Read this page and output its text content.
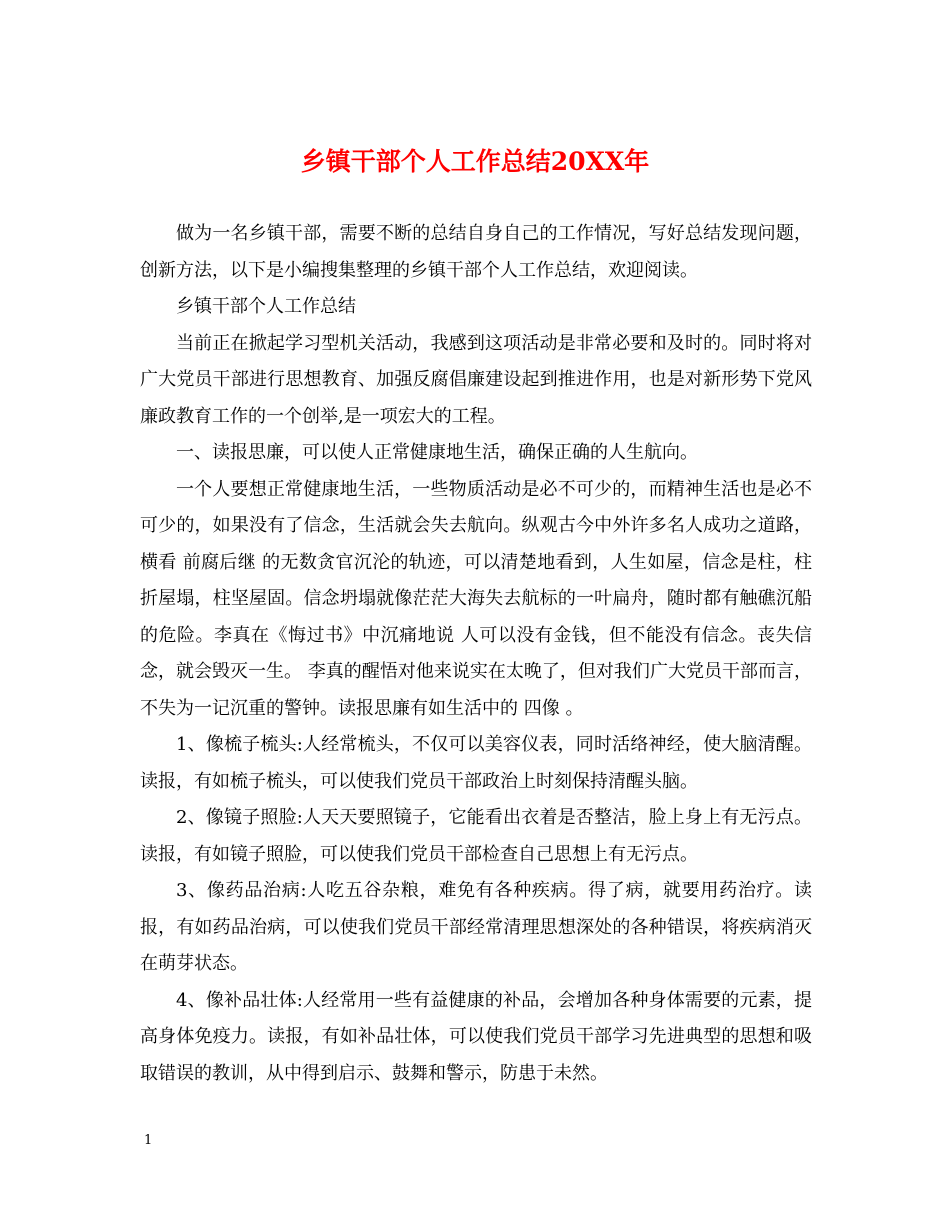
乡镇干部个人工作总结20XX年

做为一名乡镇干部，需要不断的总结自身自己的工作情况，写好总结发现问题，创新方法，以下是小编搜集整理的乡镇干部个人工作总结，欢迎阅读。

乡镇干部个人工作总结

当前正在掀起学习型机关活动，我感到这项活动是非常必要和及时的。同时将对广大党员干部进行思想教育、加强反腐倡廉建设起到推进作用，也是对新形势下党风廉政教育工作的一个创举,是一项宏大的工程。

一、读报思廉，可以使人正常健康地生活，确保正确的人生航向。

一个人要想正常健康地生活，一些物质活动是必不可少的，而精神生活也是必不可少的，如果没有了信念，生活就会失去航向。纵观古今中外许多名人成功之道路，横看 前腐后继 的无数贪官沉沦的轨迹，可以清楚地看到，人生如屋，信念是柱，柱折屋塌，柱坚屋固。信念坍塌就像茫茫大海失去航标的一叶扁舟，随时都有触礁沉船的危险。李真在《悔过书》中沉痛地说 人可以没有金钱，但不能没有信念。丧失信念，就会毁灭一生。 李真的醒悟对他来说实在太晚了，但对我们广大党员干部而言，不失为一记沉重的警钟。读报思廉有如生活中的 四像 。

1、像梳子梳头:人经常梳头，不仅可以美容仪表，同时活络神经，使大脑清醒。读报，有如梳子梳头，可以使我们党员干部政治上时刻保持清醒头脑。

2、像镜子照脸:人天天要照镜子，它能看出衣着是否整洁，脸上身上有无污点。读报，有如镜子照脸，可以使我们党员干部检查自己思想上有无污点。

3、像药品治病:人吃五谷杂粮，难免有各种疾病。得了病，就要用药治疗。读报，有如药品治病，可以使我们党员干部经常清理思想深处的各种错误，将疾病消灭在萌芽状态。

4、像补品壮体:人经常用一些有益健康的补品，会增加各种身体需要的元素，提高身体免疫力。读报，有如补品壮体，可以使我们党员干部学习先进典型的思想和吸取错误的教训，从中得到启示、鼓舞和警示，防患于未然。

1
